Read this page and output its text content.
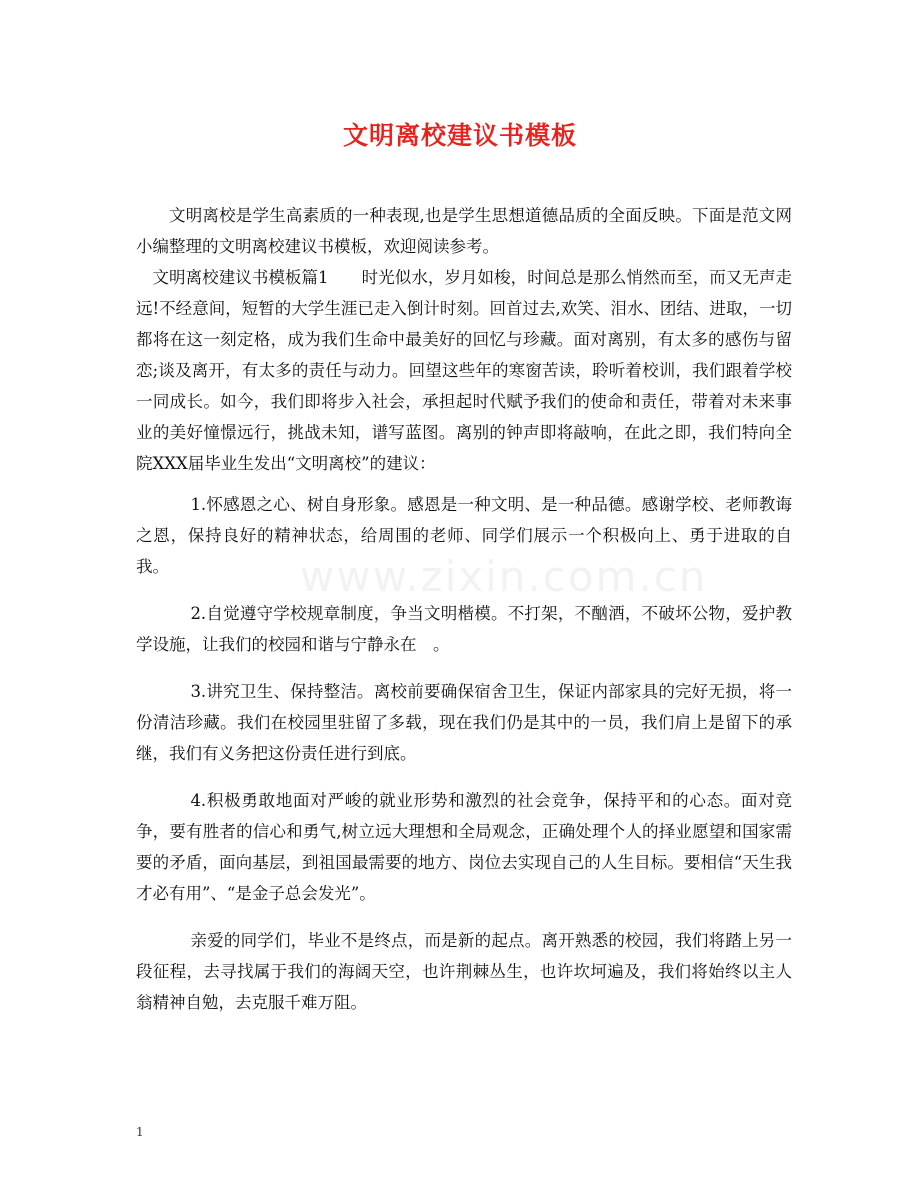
文明离校建议书模板
www.zixin.com.cn

文明离校是学生高素质的一种表现,也是学生思想道德品质的全面反映。下面是范文网小编整理的文明离校建议书模板，欢迎阅读参考。

文明离校建议书模板篇1　　时光似水，岁月如梭，时间总是那么悄然而至，而又无声走远!不经意间，短暂的大学生涯已走入倒计时刻。回首过去,欢笑、泪水、团结、进取，一切都将在这一刻定格，成为我们生命中最美好的回忆与珍藏。面对离别，有太多的感伤与留恋;谈及离开，有太多的责任与动力。回望这些年的寒窗苦读，聆听着校训，我们跟着学校一同成长。如今，我们即将步入社会，承担起时代赋予我们的使命和责任，带着对未来事业的美好憧憬远行，挑战未知，谱写蓝图。离别的钟声即将敲响，在此之即，我们特向全院XXX届毕业生发出“文明离校”的建议：

1.怀感恩之心、树自身形象。感恩是一种文明、是一种品德。感谢学校、老师教诲之恩，保持良好的精神状态，给周围的老师、同学们展示一个积极向上、勇于进取的自我。

2.自觉遵守学校规章制度，争当文明楷模。不打架，不酗酒，不破坏公物，爱护教学设施，让我们的校园和谐与宁静永在　。

3.讲究卫生、保持整洁。离校前要确保宿舍卫生，保证内部家具的完好无损，将一份清洁珍藏。我们在校园里驻留了多载，现在我们仍是其中的一员，我们肩上是留下的承继，我们有义务把这份责任进行到底。

4.积极勇敢地面对严峻的就业形势和激烈的社会竞争，保持平和的心态。面对竞争，要有胜者的信心和勇气,树立远大理想和全局观念，正确处理个人的择业愿望和国家需要的矛盾，面向基层，到祖国最需要的地方、岗位去实现自己的人生目标。要相信“天生我才必有用”、“是金子总会发光”。

亲爱的同学们，毕业不是终点，而是新的起点。离开熟悉的校园，我们将踏上另一段征程，去寻找属于我们的海阔天空，也许荆棘丛生，也许坎坷遍及，我们将始终以主人翁精神自勉，去克服千难万阻。

1
